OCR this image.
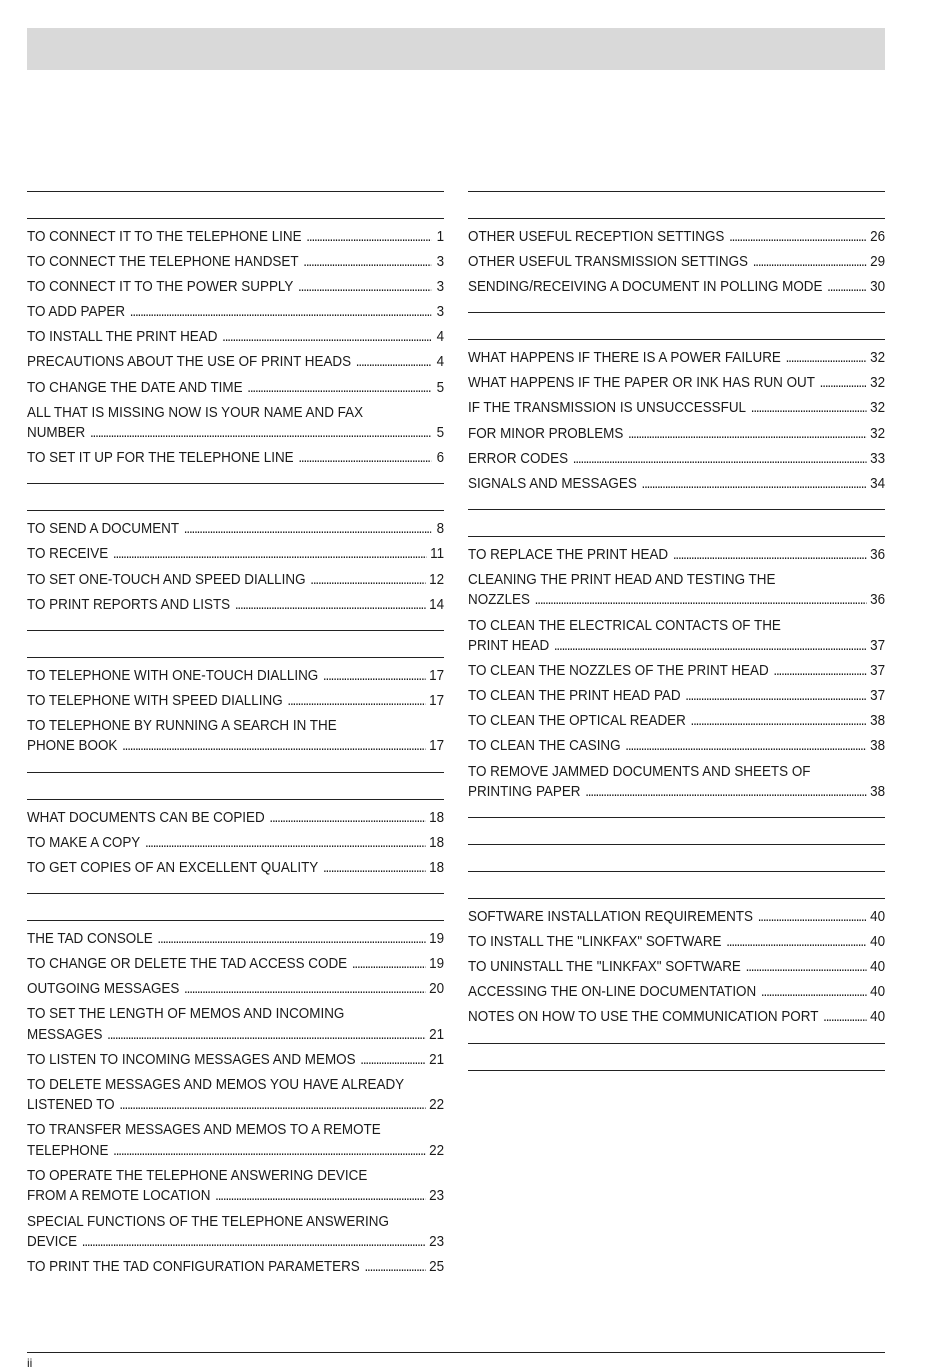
TO CONNECT IT TO THE TELEPHONE LINE . . .	1
TO CONNECT THE TELEPHONE HANDSET . . .	3
TO CONNECT IT TO THE POWER SUPPLY . . .	3
TO ADD PAPER . . .	3
TO INSTALL THE PRINT HEAD . . .	4
PRECAUTIONS ABOUT THE USE OF PRINT HEADS . . .	4
TO CHANGE THE DATE AND TIME . . .	5
ALL THAT IS MISSING NOW IS YOUR NAME AND FAX
NUMBER . . .	5
TO SET IT UP FOR THE TELEPHONE LINE . . .	6
TO SEND A DOCUMENT . . .	8
TO RECEIVE . . .	11
TO SET ONE-TOUCH AND SPEED DIALLING . . .	12
TO PRINT REPORTS AND LISTS . . .	14
TO TELEPHONE WITH ONE-TOUCH DIALLING . . .	17
TO TELEPHONE WITH SPEED DIALLING . . .	17
TO TELEPHONE BY RUNNING A SEARCH IN THE
PHONE BOOK . . .	17
WHAT DOCUMENTS CAN BE COPIED . . .	18
TO MAKE A COPY . . .	18
TO GET COPIES OF AN EXCELLENT QUALITY . . .	18
THE TAD CONSOLE . . .	19
TO CHANGE OR DELETE THE TAD ACCESS CODE . . .	19
OUTGOING MESSAGES . . .	20
TO SET THE LENGTH OF MEMOS AND INCOMING
MESSAGES . . .	21
TO LISTEN TO INCOMING MESSAGES AND MEMOS . . .	21
TO DELETE MESSAGES AND MEMOS YOU HAVE ALREADY
LISTENED TO . . .	22
TO TRANSFER MESSAGES AND MEMOS TO A REMOTE
TELEPHONE . . .	22
TO OPERATE THE TELEPHONE ANSWERING DEVICE
FROM A REMOTE LOCATION . . .	23
SPECIAL FUNCTIONS OF THE TELEPHONE ANSWERING
DEVICE . . .	23
TO PRINT THE TAD CONFIGURATION PARAMETERS . . .	25
OTHER USEFUL RECEPTION SETTINGS . . .	26
OTHER USEFUL TRANSMISSION SETTINGS . . .	29
SENDING/RECEIVING A DOCUMENT IN POLLING MODE . . .	30
WHAT HAPPENS IF THERE IS A POWER FAILURE . . .	32
WHAT HAPPENS IF THE PAPER OR INK HAS RUN OUT . . .	32
IF THE TRANSMISSION IS UNSUCCESSFUL . . .	32
FOR MINOR PROBLEMS . . .	32
ERROR CODES . . .	33
SIGNALS AND MESSAGES . . .	34
TO REPLACE THE PRINT HEAD . . .	36
CLEANING THE PRINT HEAD AND TESTING THE
NOZZLES . . .	36
TO CLEAN THE ELECTRICAL CONTACTS OF THE
PRINT HEAD . . .	37
TO CLEAN THE NOZZLES OF THE PRINT HEAD . . .	37
TO CLEAN THE PRINT HEAD PAD . . .	37
TO CLEAN THE OPTICAL READER . . .	38
TO CLEAN THE CASING . . .	38
TO REMOVE JAMMED DOCUMENTS AND SHEETS OF
PRINTING PAPER . . .	38
SOFTWARE INSTALLATION REQUIREMENTS . . .	40
TO INSTALL THE "LINKFAX" SOFTWARE . . .	40
TO UNINSTALL THE "LINKFAX" SOFTWARE . . .	40
ACCESSING THE ON-LINE DOCUMENTATION . . .	40
NOTES ON HOW TO USE THE COMMUNICATION PORT . . .	40
ii
